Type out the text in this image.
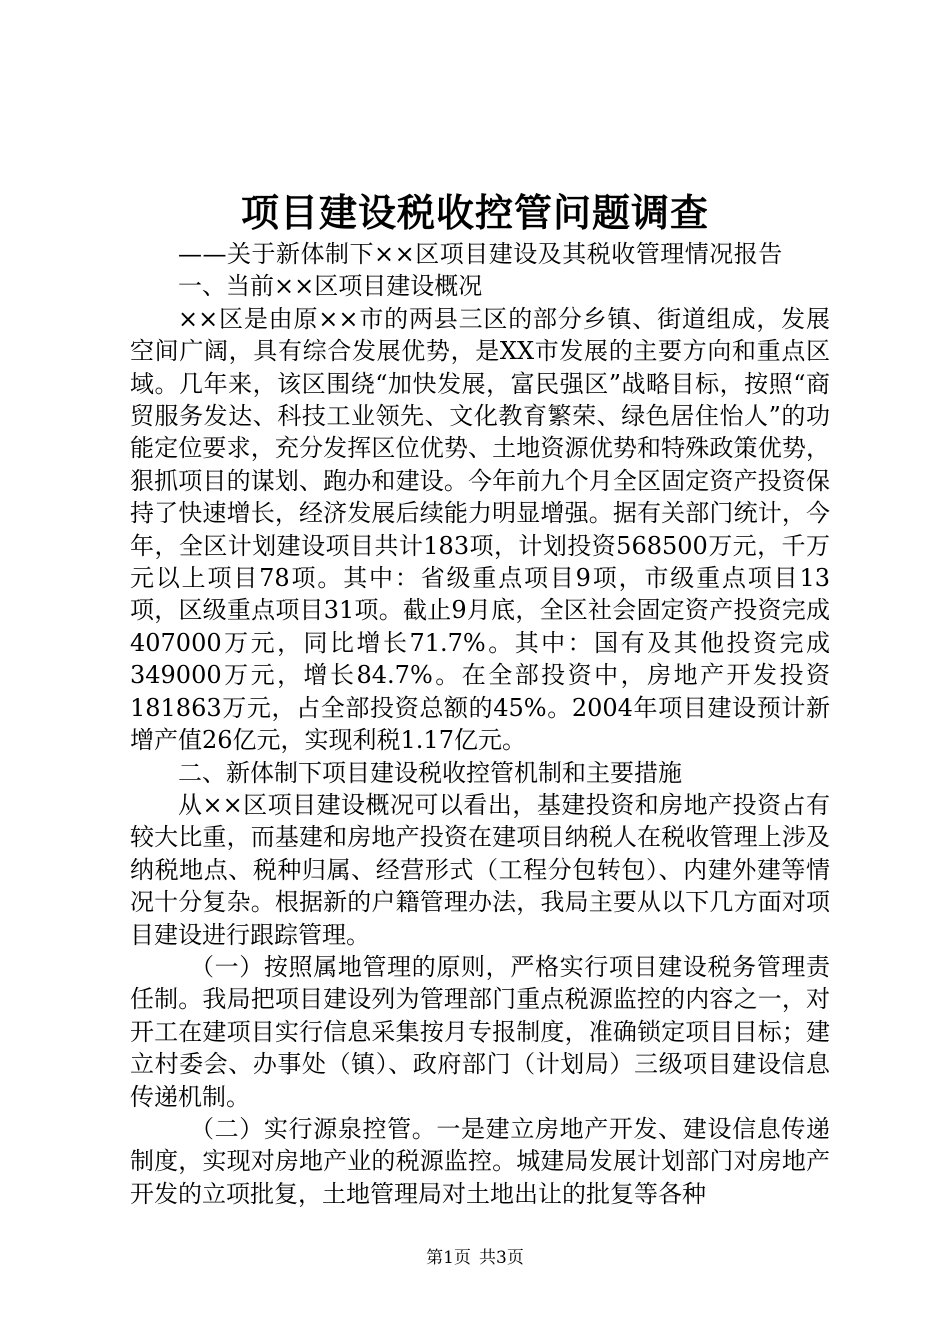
项目建设税收控管问题调查

——关于新体制下××区项目建设及其税收管理情况报告

一、当前××区项目建设概况

××区是由原××市的两县三区的部分乡镇、街道组成，发展空间广阔，具有综合发展优势，是XX市发展的主要方向和重点区域。几年来，该区围绕“加快发展，富民强区”战略目标，按照“商贸服务发达、科技工业领先、文化教育繁荣、绿色居住怡人”的功能定位要求，充分发挥区位优势、土地资源优势和特殊政策优势，狠抓项目的谋划、跑办和建设。今年前九个月全区固定资产投资保持了快速增长，经济发展后续能力明显增强。据有关部门统计，今年，全区计划建设项目共计183项，计划投资568500万元，千万元以上项目78项。其中：省级重点项目9项，市级重点项目13项，区级重点项目31项。截止9月底，全区社会固定资产投资完成407000万元，同比增长71.7%。其中：国有及其他投资完成349000万元，增长84.7%。在全部投资中，房地产开发投资181863万元，占全部投资总额的45%。2004年项目建设预计新增产值26亿元，实现利税1.17亿元。

二、新体制下项目建设税收控管机制和主要措施

从××区项目建设概况可以看出，基建投资和房地产投资占有较大比重，而基建和房地产投资在建项目纳税人在税收管理上涉及纳税地点、税种归属、经营形式（工程分包转包）、内建外建等情况十分复杂。根据新的户籍管理办法，我局主要从以下几方面对项目建设进行跟踪管理。

（一）按照属地管理的原则，严格实行项目建设税务管理责任制。我局把项目建设列为管理部门重点税源监控的内容之一，对开工在建项目实行信息采集按月专报制度，准确锁定项目目标；建立村委会、办事处（镇）、政府部门（计划局）三级项目建设信息传递机制。

（二）实行源泉控管。一是建立房地产开发、建设信息传递制度，实现对房地产业的税源监控。城建局发展计划部门对房地产开发的立项批复，土地管理局对土地出让的批复等各种

第1页 共3页
